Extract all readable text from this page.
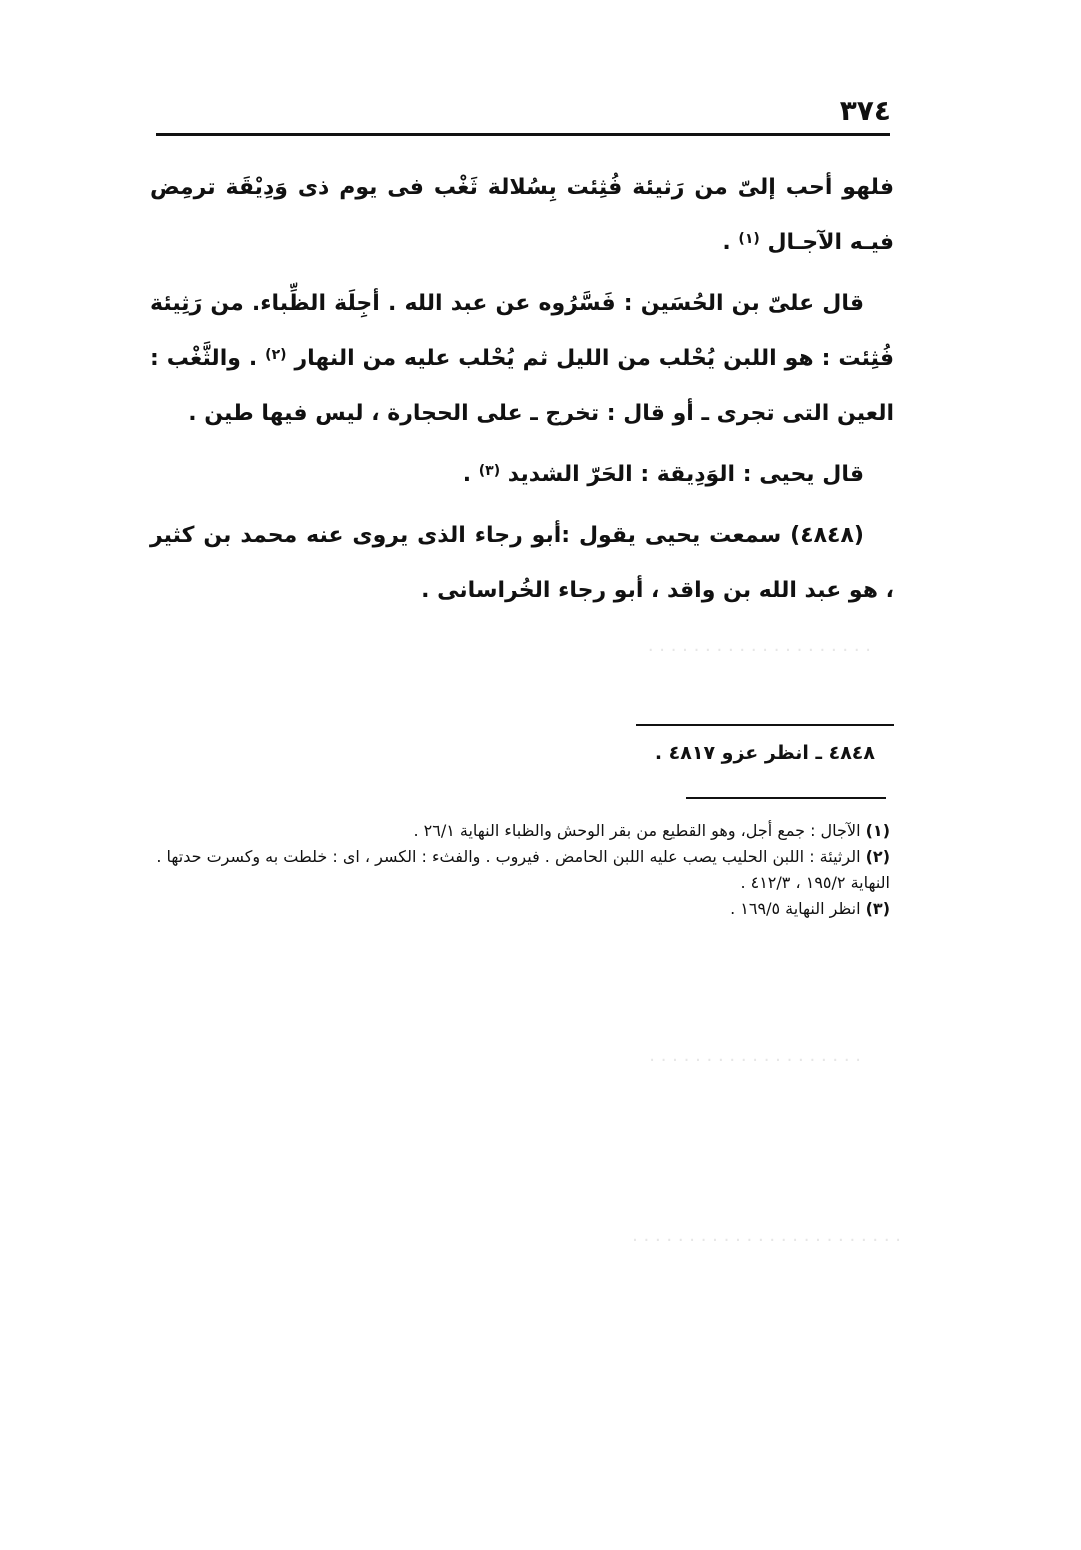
٣٧٤
· · · · · · · · · · · · · · · · · · · ·
· · · · · · · · · · · · · · · · · · ·
· · · · · · · · · · · · · · · · · · · · · · · ·

فلهو أحب إلىّ من رَثيئة فُثِئت بِسُلالة ثَغْب فى يوم ذى وَدِيْقَة ترمِض فيـه الآجـال $^{(١)}$ .

قال علىّ بن الحُسَين : فَسَّرُوه عن عبد الله . أجِلَة الظِّباء. من رَثِيئة فُثِئت : هو اللبن يُحْلب من الليل ثم يُحْلب عليه من النهار $^{(٢)}$ . والثَّغْب : العين التى تجرى ـ أو قال : تخرج ـ على الحجارة ، ليس فيها طين .

قال يحيى : الوَدِيقة : الحَرّ الشديد $^{(٣)}$ .

(٤٨٤٨) سمعت يحيى يقول :أبو رجاء الذى يروى عنه محمد بن كثير ، هو عبد الله بن واقد ، أبو رجاء الخُراسانى .

٤٨٤٨ ـ انظر عزو ٤٨١٧ .

(١) الآجال : جمع أجل، وهو القطيع من بقر الوحش والظباء النهاية ٢٦/١ .

(٢) الرثيئة : اللبن الحليب يصب عليه اللبن الحامض . فيروب . والفثء : الكسر ، اى : خلطت به وكسرت حدتها . النهاية ١٩٥/٢ ، ٤١٢/٣ .

(٣) انظر النهاية ١٦٩/٥ .
